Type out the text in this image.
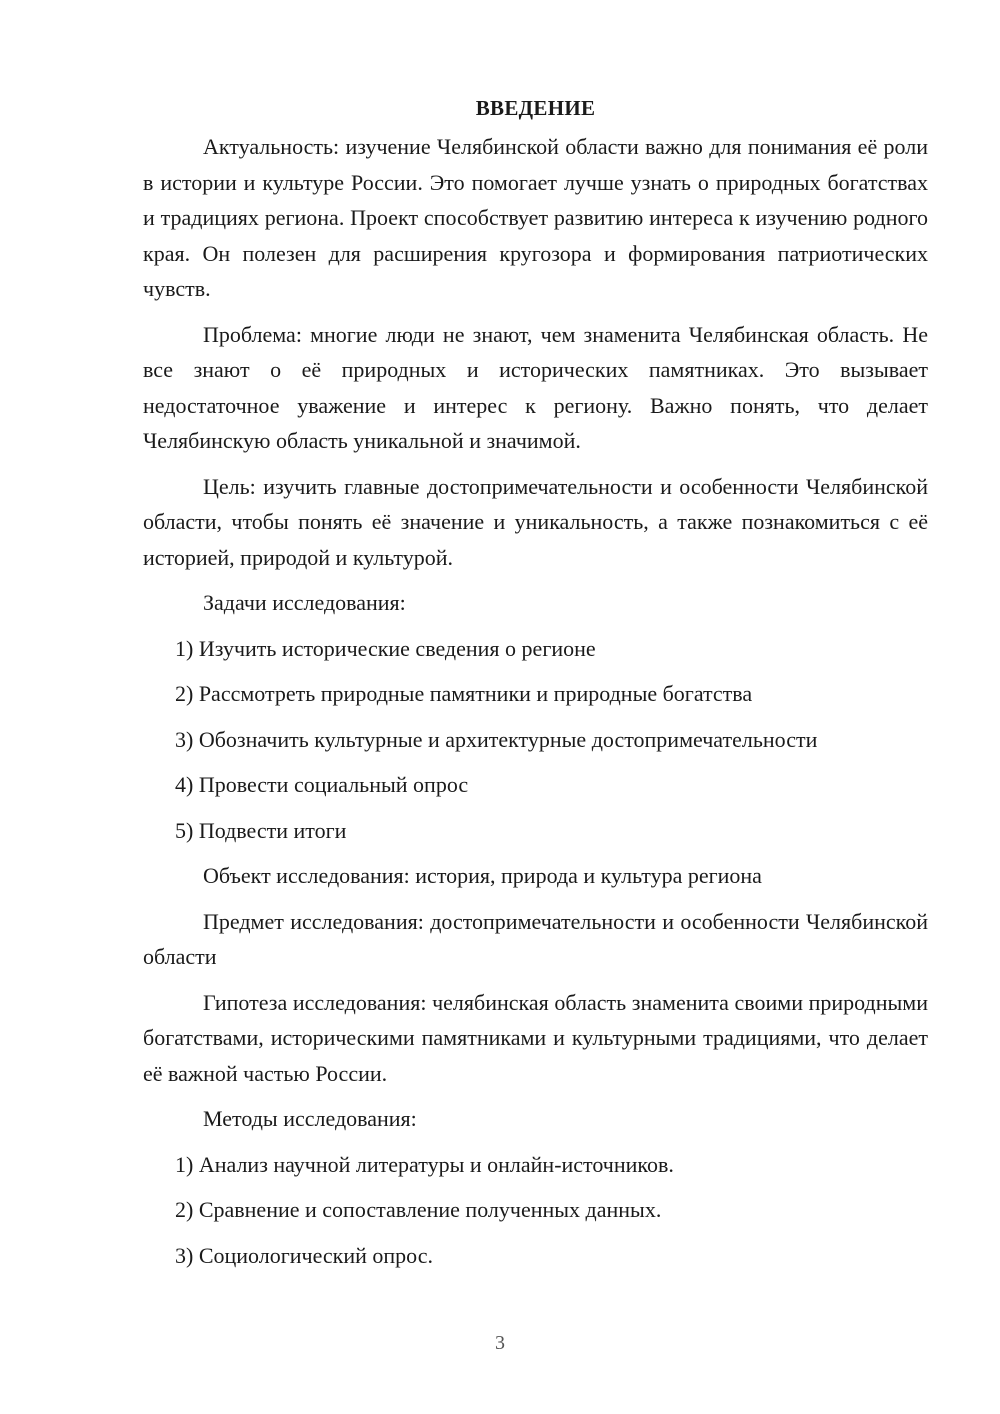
ВВЕДЕНИЕ

Актуальность: изучение Челябинской области важно для понимания её роли в истории и культуре России. Это помогает лучше узнать о природных богатствах и традициях региона. Проект способствует развитию интереса к изучению родного края. Он полезен для расширения кругозора и формирования патриотических чувств.

Проблема: многие люди не знают, чем знаменита Челябинская область. Не все знают о её природных и исторических памятниках. Это вызывает недостаточное уважение и интерес к региону. Важно понять, что делает Челябинскую область уникальной и значимой.

Цель: изучить главные достопримечательности и особенности Челябинской области, чтобы понять её значение и уникальность, а также познакомиться с её историей, природой и культурой.

Задачи исследования:

1) Изучить исторические сведения о регионе

2) Рассмотреть природные памятники и природные богатства

3) Обозначить культурные и архитектурные достопримечательности

4) Провести социальный опрос

5) Подвести итоги

Объект исследования: история, природа и культура региона

Предмет исследования: достопримечательности и особенности Челябинской области

Гипотеза исследования: челябинская область знаменита своими природными богатствами, историческими памятниками и культурными традициями, что делает её важной частью России.

Методы исследования:

1) Анализ научной литературы и онлайн-источников.

2) Сравнение и сопоставление полученных данных.

3) Социологический опрос.

3
